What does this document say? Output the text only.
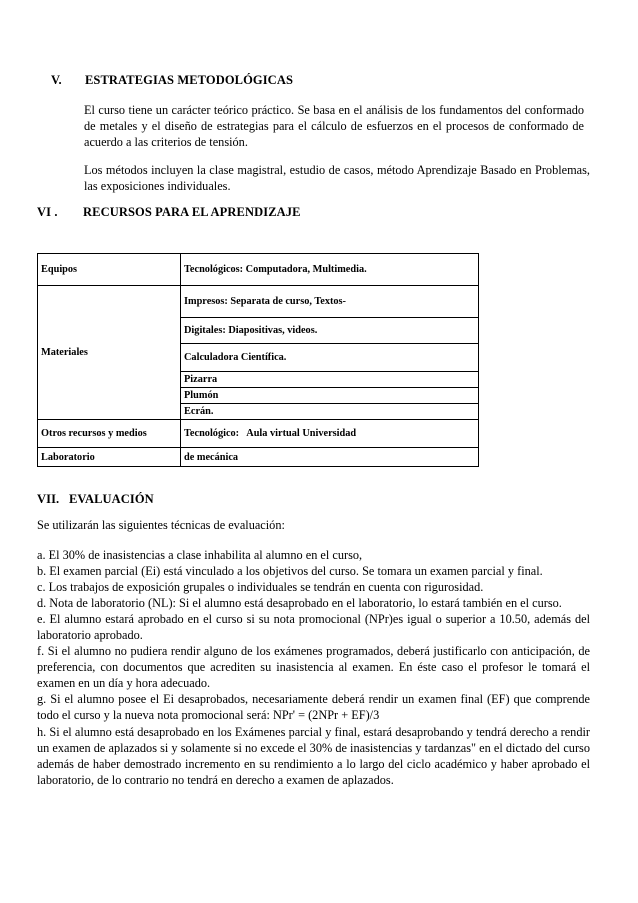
V. ESTRATEGIAS METODOLÓGICAS
El curso tiene un carácter teórico práctico. Se basa en el análisis de los fundamentos del conformado de metales y el diseño de estrategias para el cálculo de esfuerzos en el procesos de conformado de acuerdo a las criterios de tensión.
Los métodos incluyen la clase magistral, estudio de casos, método Aprendizaje Basado en Problemas, las exposiciones individuales.
VI . RECURSOS PARA EL APRENDIZAJE
Equipos	Tecnológicos: Computadora, Multimedia.
Materiales	Impresos: Separata de curso, Textos-
	Digitales: Diapositivas, videos.
	Calculadora Científica.
	Pizarra
	Plumón
	Ecrán.
Otros recursos y medios	Tecnológico:   Aula virtual Universidad
Laboratorio	de mecánica
VII. EVALUACIÓN
Se utilizarán las siguientes técnicas de evaluación:

a. El 30% de inasistencias a clase inhabilita al alumno en el curso,

b. El examen parcial (Ei) está vinculado a los objetivos del curso. Se tomara un examen parcial y final.

c. Los trabajos de exposición grupales o individuales se tendrán en cuenta con rigurosidad.

d. Nota de laboratorio (NL): Si el alumno está desaprobado en el laboratorio, lo estará también en el curso.

e. El alumno estará aprobado en el curso si su nota promocional (NPr)es igual o superior a 10.50, además del laboratorio aprobado.

f. Si el alumno no pudiera rendir alguno de los exámenes programados, deberá justificarlo con anticipación, de preferencia, con documentos que acrediten su inasistencia al examen. En éste caso el profesor le tomará el examen en un día y hora adecuado.

g. Si el alumno posee el Ei desaprobados, necesariamente deberá rendir un examen final (EF) que comprende todo el curso y la nueva nota promocional será: NPr' = (2NPr + EF)/3

h. Si el alumno está desaprobado en los Exámenes parcial y final, estará desaprobando y tendrá derecho a rendir un examen de aplazados si y solamente si no excede el 30% de inasistencias y tardanzas" en el dictado del curso además de haber demostrado incremento en su rendimiento a lo largo del ciclo académico y haber aprobado el laboratorio, de lo contrario no tendrá en derecho a examen de aplazados.
